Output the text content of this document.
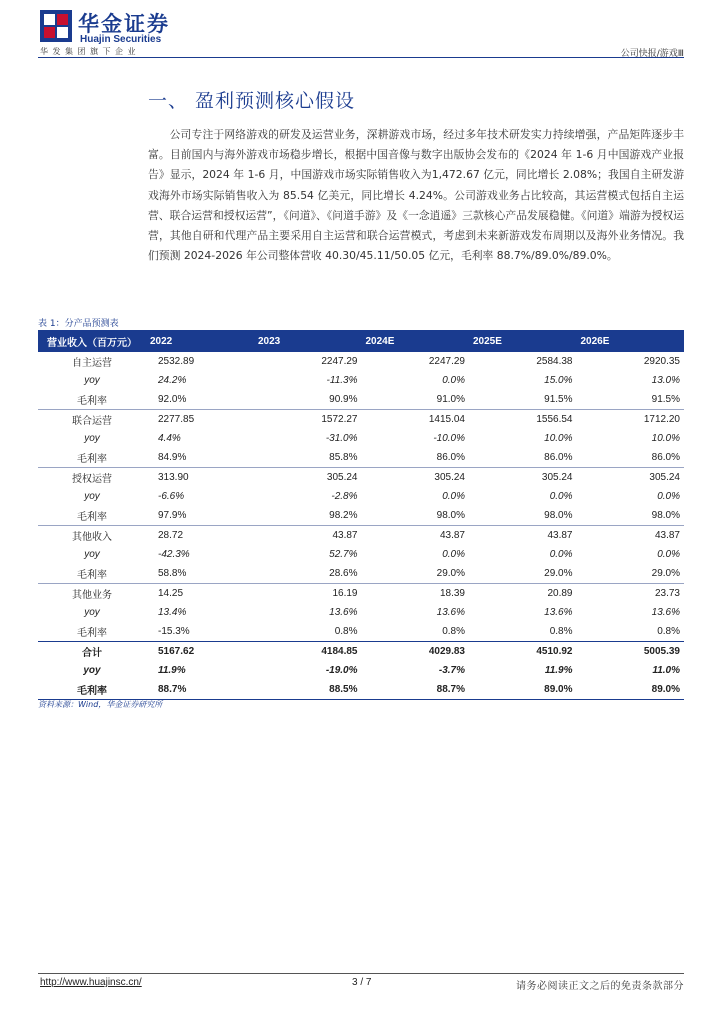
华金证券
Huajin Securities
华发集团旗下企业	公司快报/游戏Ⅲ
一、 盈利预测核心假设

公司专注于网络游戏的研发及运营业务，深耕游戏市场，经过多年技术研发实力持续增强，产品矩阵逐步丰富。目前国内与海外游戏市场稳步增长，根据中国音像与数字出版协会发布的《2024 年 1-6 月中国游戏产业报告》显示，2024 年 1-6 月，中国游戏市场实际销售收入为1,472.67 亿元，同比增长 2.08%；我国自主研发游戏海外市场实际销售收入为 85.54 亿美元，同比增长 4.24%。公司游戏业务占比较高，其运营模式包括自主运营、联合运营和授权运营”，《问道》、《问道手游》及《一念逍遥》三款核心产品发展稳健。《问道》端游为授权运营，其他自研和代理产品主要采用自主运营和联合运营模式，考虑到未来新游戏发布周期以及海外业务情况。我们预测 2024-2026 年公司整体营收 40.30/45.11/50.05 亿元，毛利率 88.7%/89.0%/89.0%。

表 1：分产品预测表
营业收入（百万元）	2022	2023	2024E	2025E	2026E
自主运营	2532.89	2247.29	2247.29	2584.38	2920.35
yoy	24.2%	-11.3%	0.0%	15.0%	13.0%
毛利率	92.0%	90.9%	91.0%	91.5%	91.5%
联合运营	2277.85	1572.27	1415.04	1556.54	1712.20
yoy	4.4%	-31.0%	-10.0%	10.0%	10.0%
毛利率	84.9%	85.8%	86.0%	86.0%	86.0%
授权运营	313.90	305.24	305.24	305.24	305.24
yoy	-6.6%	-2.8%	0.0%	0.0%	0.0%
毛利率	97.9%	98.2%	98.0%	98.0%	98.0%
其他收入	28.72	43.87	43.87	43.87	43.87
yoy	-42.3%	52.7%	0.0%	0.0%	0.0%
毛利率	58.8%	28.6%	29.0%	29.0%	29.0%
其他业务	14.25	16.19	18.39	20.89	23.73
yoy	13.4%	13.6%	13.6%	13.6%	13.6%
毛利率	-15.3%	0.8%	0.8%	0.8%	0.8%
合计	5167.62	4184.85	4029.83	4510.92	5005.39
yoy	11.9%	-19.0%	-3.7%	11.9%	11.0%
毛利率	88.7%	88.5%	88.7%	89.0%	89.0%
资料来源：Wind，华金证券研究所
http://www.huajinsc.cn/	3 / 7	请务必阅读正文之后的免责条款部分
